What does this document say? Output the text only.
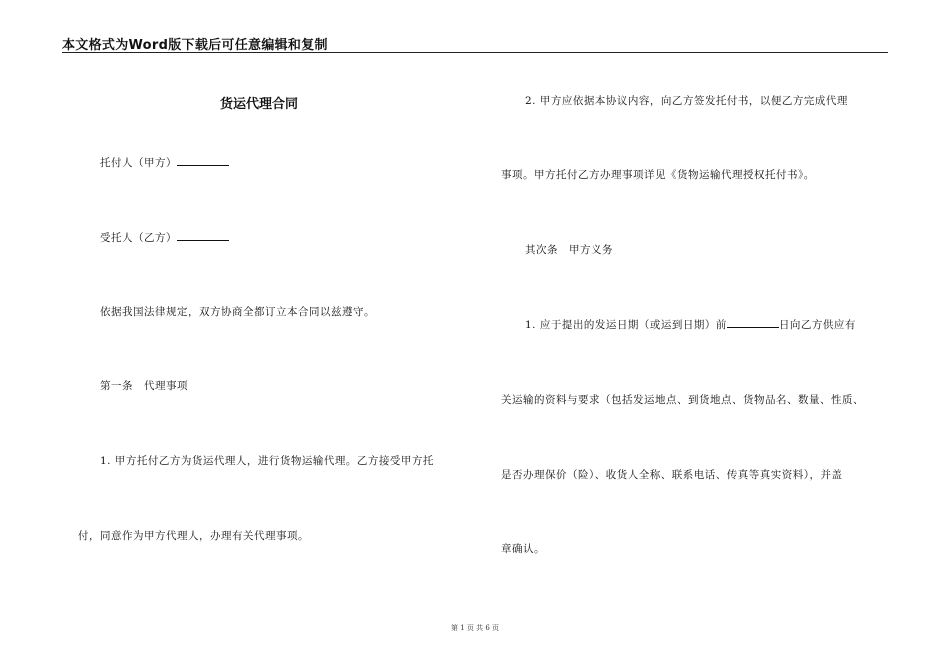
本文格式为Word版下载后可任意编辑和复制
货运代理合同
托付人（甲方）
受托人（乙方）
依据我国法律规定，双方协商全都订立本合同以兹遵守。
第一条　代理事项
1. 甲方托付乙方为货运代理人，进行货物运输代理。乙方接受甲方托
付，同意作为甲方代理人，办理有关代理事项。
2. 甲方应依据本协议内容，向乙方签发托付书，以便乙方完成代理
事项。甲方托付乙方办理事项详见《货物运输代理授权托付书》。
其次条　甲方义务
1. 应于提出的发运日期（或运到日期）前	日向乙方供应有
关运输的资料与要求（包括发运地点、到货地点、货物品名、数量、性质、
是否办理保价（险）、收货人全称、联系电话、传真等真实资料），并盖
章确认。
第 1 页 共 6 页
